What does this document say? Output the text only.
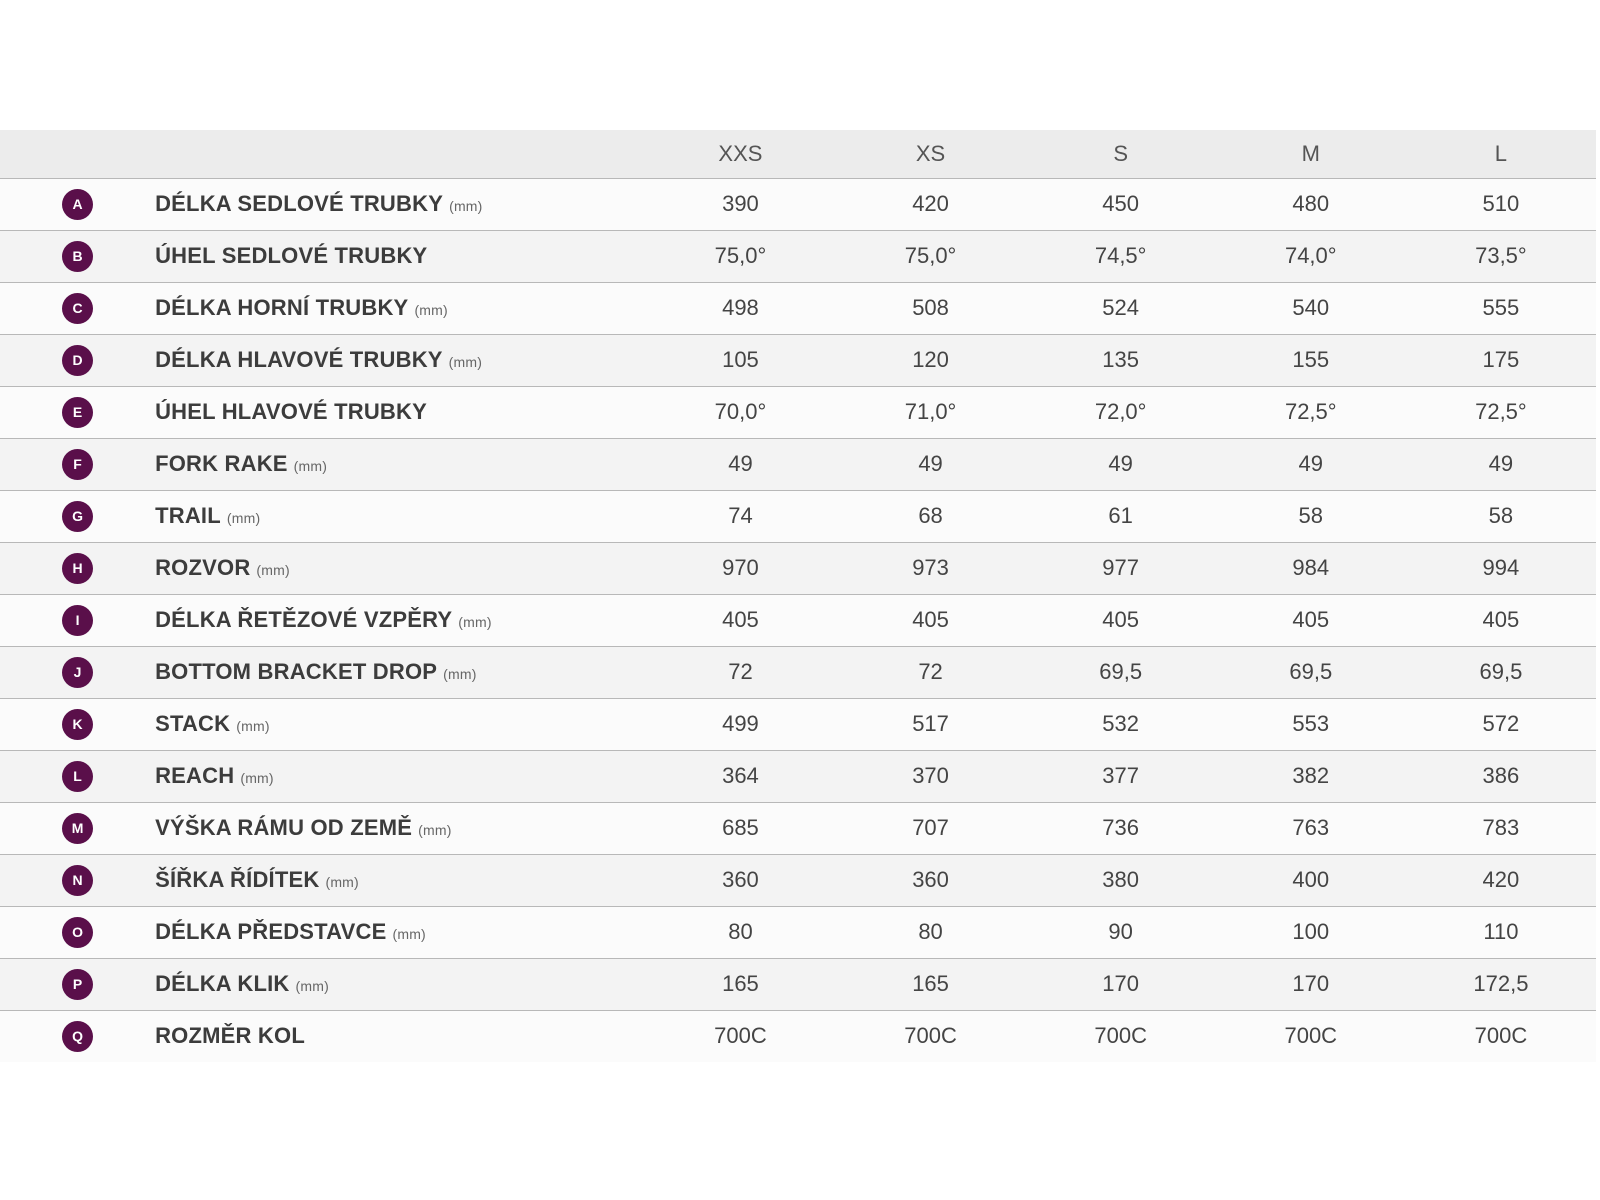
		XXS	XS	S	M	L
A	DÉLKA SEDLOVÉ TRUBKY (mm)	390	420	450	480	510
B	ÚHEL SEDLOVÉ TRUBKY	75,0°	75,0°	74,5°	74,0°	73,5°
C	DÉLKA HORNÍ TRUBKY (mm)	498	508	524	540	555
D	DÉLKA HLAVOVÉ TRUBKY (mm)	105	120	135	155	175
E	ÚHEL HLAVOVÉ TRUBKY	70,0°	71,0°	72,0°	72,5°	72,5°
F	FORK RAKE (mm)	49	49	49	49	49
G	TRAIL (mm)	74	68	61	58	58
H	ROZVOR (mm)	970	973	977	984	994
I	DÉLKA ŘETĚZOVÉ VZPĚRY (mm)	405	405	405	405	405
J	BOTTOM BRACKET DROP (mm)	72	72	69,5	69,5	69,5
K	STACK (mm)	499	517	532	553	572
L	REACH (mm)	364	370	377	382	386
M	VÝŠKA RÁMU OD ZEMĚ (mm)	685	707	736	763	783
N	ŠÍŘKA ŘÍDÍTEK (mm)	360	360	380	400	420
O	DÉLKA PŘEDSTAVCE (mm)	80	80	90	100	110
P	DÉLKA KLIK (mm)	165	165	170	170	172,5
Q	ROZMĚR KOL	700C	700C	700C	700C	700C
